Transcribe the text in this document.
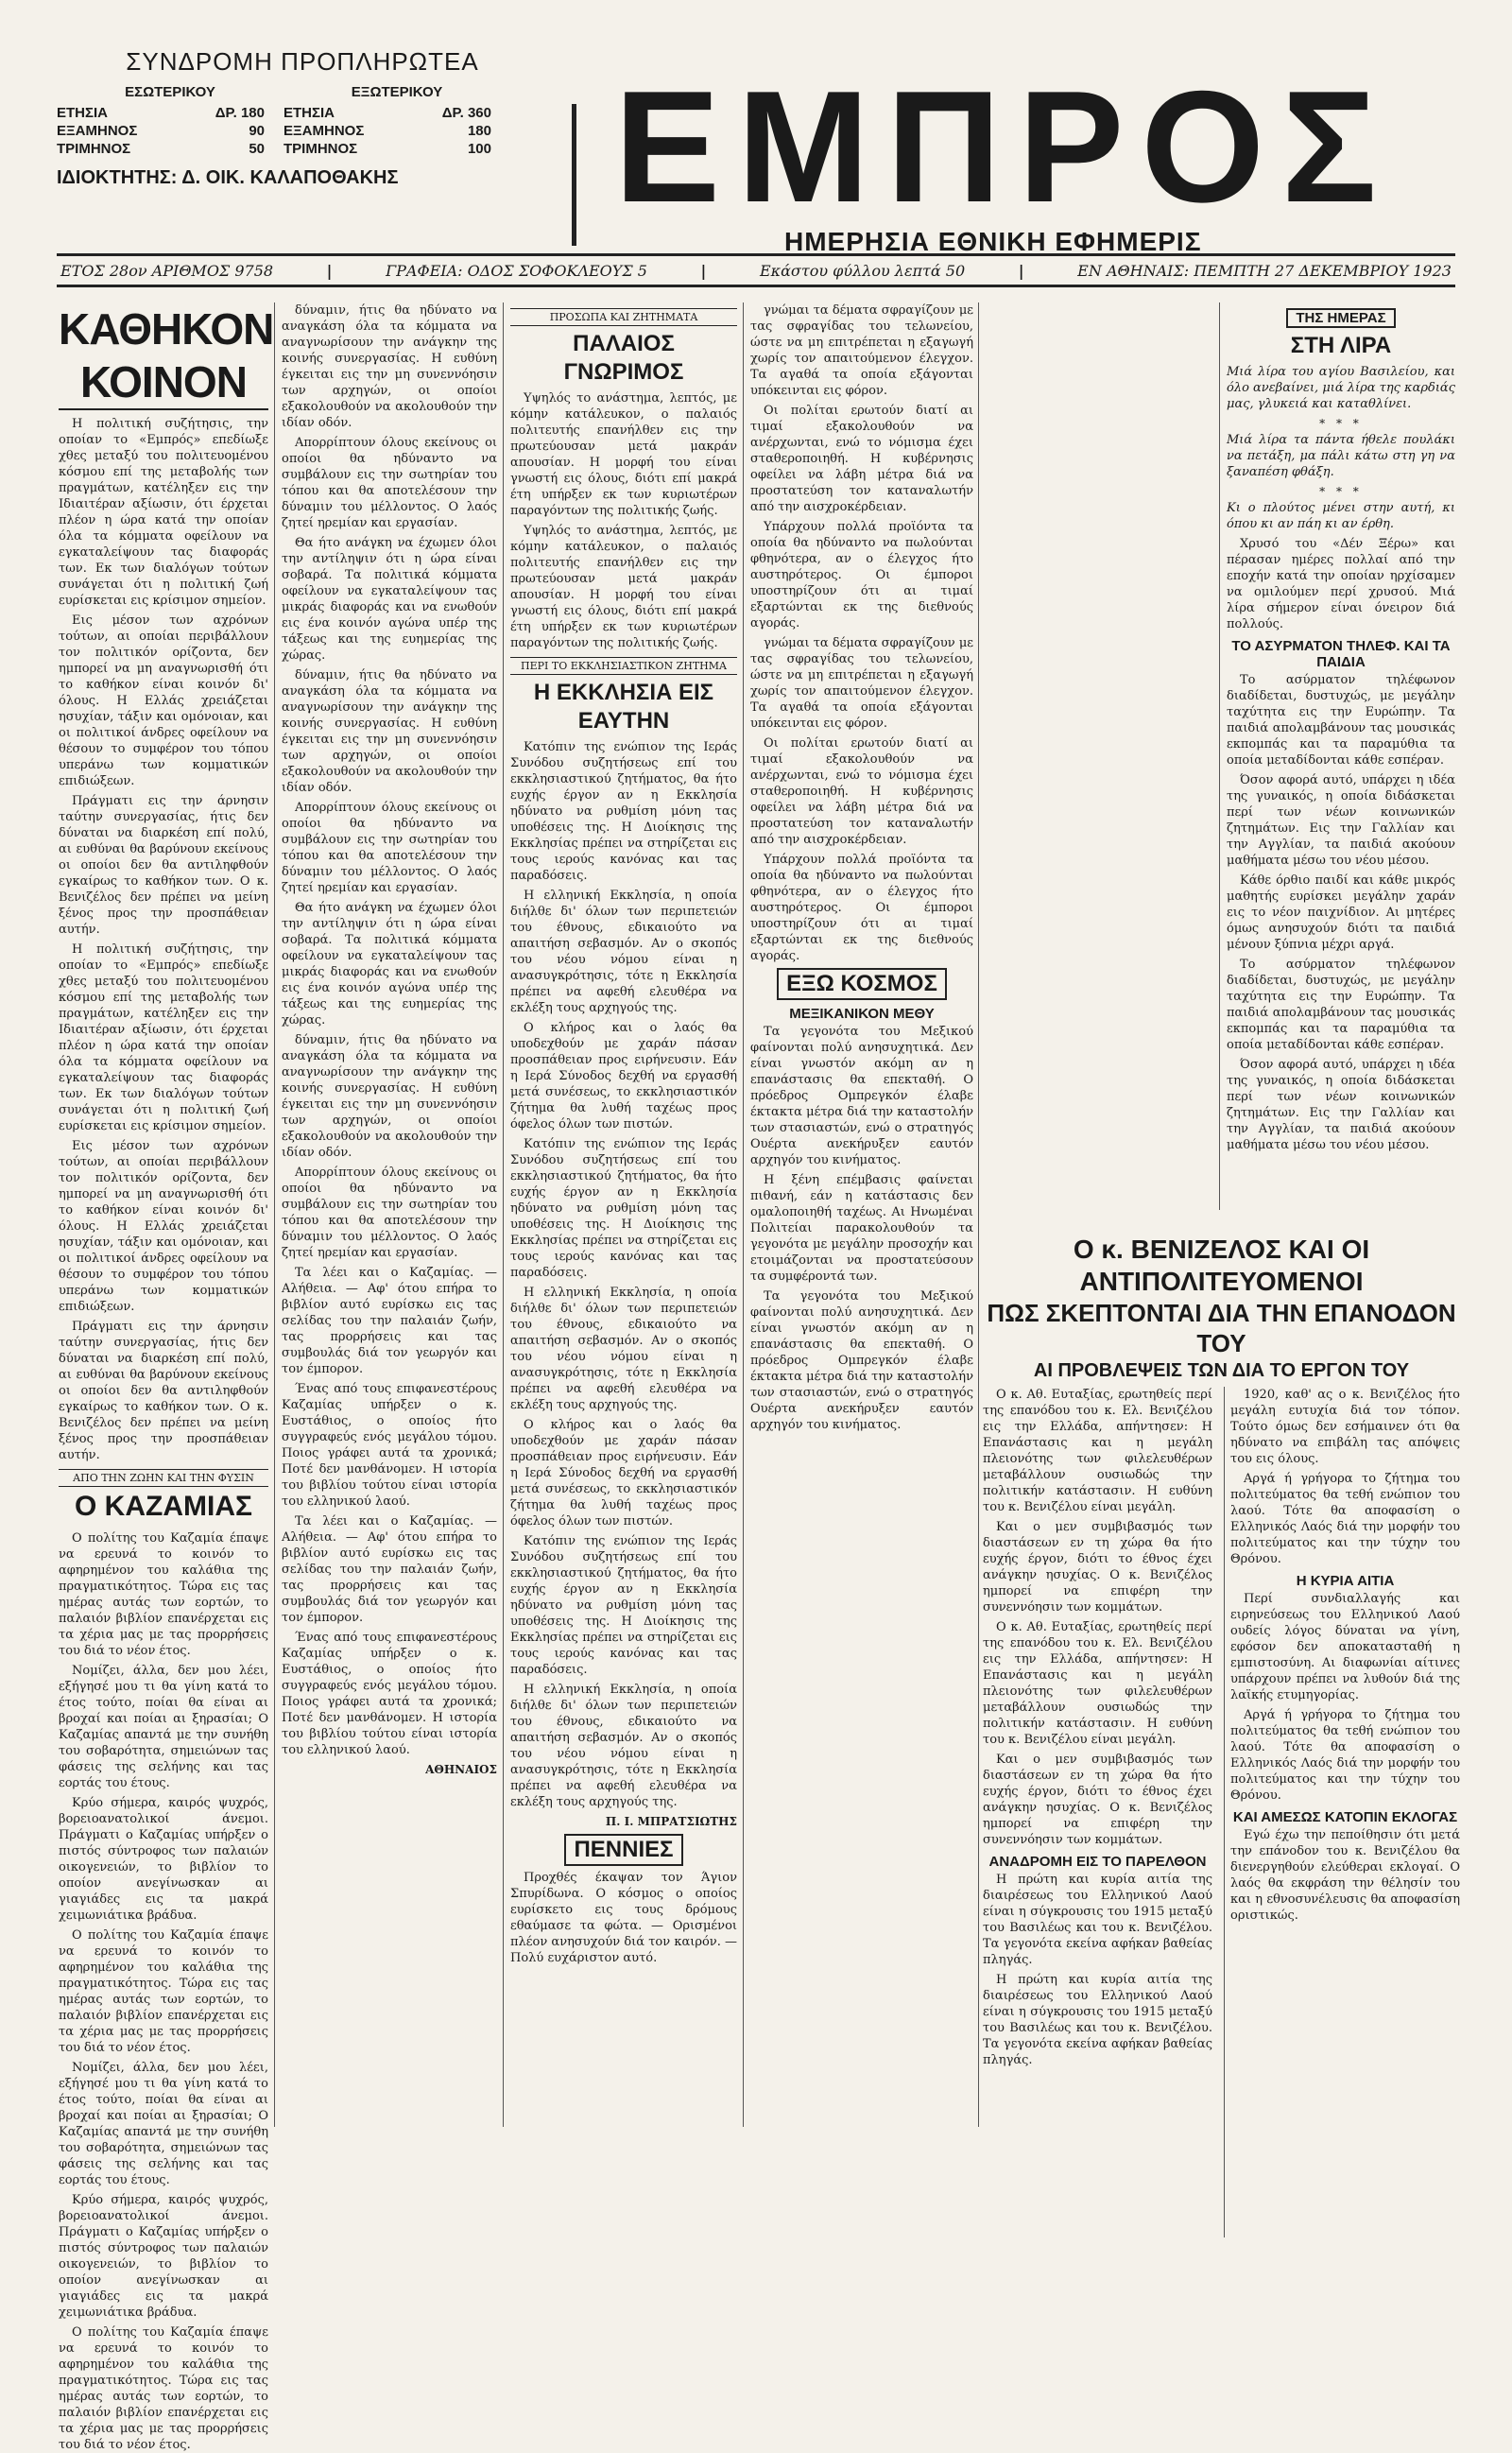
ΣΥΝΔΡΟΜΗ ΠΡΟΠΛΗΡΩΤΕΑ
ΕΣΩΤΕΡΙΚΟΥ
ΕΤΗΣΙΑ	ΔΡ. 180
ΕΞΑΜΗΝΟΣ	90
ΤΡΙΜΗΝΟΣ	50
ΕΞΩΤΕΡΙΚΟΥ
ΕΤΗΣΙΑ	ΔΡ. 360
ΕΞΑΜΗΝΟΣ	180
ΤΡΙΜΗΝΟΣ	100
ΙΔΙΟΚΤΗΤΗΣ: Δ. ΟΙΚ. ΚΑΛΑΠΟΘΑΚΗΣ	ΕΜΠΡΟΣ
ΗΜΕΡΗΣΙΑ ΕΘΝΙΚΗ ΕΦΗΜΕΡΙΣ
ΕΤΟΣ 28ον ΑΡΙΘΜΟΣ 9758	|	ΓΡΑΦΕΙΑ: ΟΔΟΣ ΣΟΦΟΚΛΕΟΥΣ 5	|	Εκάστου φύλλου λεπτά 50	|	ΕΝ ΑΘΗΝΑΙΣ: ΠΕΜΠΤΗ 27 ΔΕΚΕΜΒΡΙΟΥ 1923
ΚΑΘΗΚΟΝ ΚΟΙΝΟΝ

Η πολιτική συζήτησις, την οποίαν το «Εμπρός» επεδίωξε χθες μεταξύ του πολιτευομένου κόσμου επί της μεταβολής των πραγμάτων, κατέληξεν εις την Ιδιαιτέραν αξίωσιν, ότι έρχεται πλέον η ώρα κατά την οποίαν όλα τα κόμματα οφείλουν να εγκαταλείψουν τας διαφοράς των. Εκ των διαλόγων τούτων συνάγεται ότι η πολιτική ζωή ευρίσκεται εις κρίσιμον σημείον.

Εις μέσον των αχρόνων τούτων, αι οποίαι περιβάλλουν τον πολιτικόν ορίζοντα, δεν ημπορεί να μη αναγνωρισθή ότι το καθήκον είναι κοινόν δι' όλους. Η Ελλάς χρειάζεται ησυχίαν, τάξιν και ομόνοιαν, και οι πολιτικοί άνδρες οφείλουν να θέσουν το συμφέρον του τόπου υπεράνω των κομματικών επιδιώξεων.

Πράγματι εις την άρνησιν ταύτην συνεργασίας, ήτις δεν δύναται να διαρκέση επί πολύ, αι ευθύναι θα βαρύνουν εκείνους οι οποίοι δεν θα αντιληφθούν εγκαίρως το καθήκον των. Ο κ. Βενιζέλος δεν πρέπει να μείνη ξένος προς την προσπάθειαν αυτήν.

Η πολιτική συζήτησις, την οποίαν το «Εμπρός» επεδίωξε χθες μεταξύ του πολιτευομένου κόσμου επί της μεταβολής των πραγμάτων, κατέληξεν εις την Ιδιαιτέραν αξίωσιν, ότι έρχεται πλέον η ώρα κατά την οποίαν όλα τα κόμματα οφείλουν να εγκαταλείψουν τας διαφοράς των. Εκ των διαλόγων τούτων συνάγεται ότι η πολιτική ζωή ευρίσκεται εις κρίσιμον σημείον.

Εις μέσον των αχρόνων τούτων, αι οποίαι περιβάλλουν τον πολιτικόν ορίζοντα, δεν ημπορεί να μη αναγνωρισθή ότι το καθήκον είναι κοινόν δι' όλους. Η Ελλάς χρειάζεται ησυχίαν, τάξιν και ομόνοιαν, και οι πολιτικοί άνδρες οφείλουν να θέσουν το συμφέρον του τόπου υπεράνω των κομματικών επιδιώξεων.

Πράγματι εις την άρνησιν ταύτην συνεργασίας, ήτις δεν δύναται να διαρκέση επί πολύ, αι ευθύναι θα βαρύνουν εκείνους οι οποίοι δεν θα αντιληφθούν εγκαίρως το καθήκον των. Ο κ. Βενιζέλος δεν πρέπει να μείνη ξένος προς την προσπάθειαν αυτήν.

ΑΠΟ ΤΗΝ ΖΩΗΝ ΚΑΙ ΤΗΝ ΦΥΣΙΝ
Ο ΚΑΖΑΜΙΑΣ

Ο πολίτης του Καζαμία έπαψε να ερευνά το κοινόν το αφηρημένον του καλάθια της πραγματικότητος. Τώρα εις τας ημέρας αυτάς των εορτών, το παλαιόν βιβλίον επανέρχεται εις τα χέρια μας με τας προρρήσεις του διά το νέον έτος.

Νομίζει, άλλα, δεν μου λέει, εξήγησέ μου τι θα γίνη κατά το έτος τούτο, ποίαι θα είναι αι βροχαί και ποίαι αι ξηρασίαι; Ο Καζαμίας απαντά με την συνήθη του σοβαρότητα, σημειώνων τας φάσεις της σελήνης και τας εορτάς του έτους.

Κρύο σήμερα, καιρός ψυχρός, βορειοανατολικοί άνεμοι. Πράγματι ο Καζαμίας υπήρξεν ο πιστός σύντροφος των παλαιών οικογενειών, το βιβλίον το οποίον ανεγίνωσκαν αι γιαγιάδες εις τα μακρά χειμωνιάτικα βράδυα.

Ο πολίτης του Καζαμία έπαψε να ερευνά το κοινόν το αφηρημένον του καλάθια της πραγματικότητος. Τώρα εις τας ημέρας αυτάς των εορτών, το παλαιόν βιβλίον επανέρχεται εις τα χέρια μας με τας προρρήσεις του διά το νέον έτος.

Νομίζει, άλλα, δεν μου λέει, εξήγησέ μου τι θα γίνη κατά το έτος τούτο, ποίαι θα είναι αι βροχαί και ποίαι αι ξηρασίαι; Ο Καζαμίας απαντά με την συνήθη του σοβαρότητα, σημειώνων τας φάσεις της σελήνης και τας εορτάς του έτους.

Κρύο σήμερα, καιρός ψυχρός, βορειοανατολικοί άνεμοι. Πράγματι ο Καζαμίας υπήρξεν ο πιστός σύντροφος των παλαιών οικογενειών, το βιβλίον το οποίον ανεγίνωσκαν αι γιαγιάδες εις τα μακρά χειμωνιάτικα βράδυα.

Ο πολίτης του Καζαμία έπαψε να ερευνά το κοινόν το αφηρημένον του καλάθια της πραγματικότητος. Τώρα εις τας ημέρας αυτάς των εορτών, το παλαιόν βιβλίον επανέρχεται εις τα χέρια μας με τας προρρήσεις του διά το νέον έτος.

δύναμιν, ήτις θα ηδύνατο να αναγκάση όλα τα κόμματα να αναγνωρίσουν την ανάγκην της κοινής συνεργασίας. Η ευθύνη έγκειται εις την μη συνεννόησιν των αρχηγών, οι οποίοι εξακολουθούν να ακολουθούν την ιδίαν οδόν.

Απορρίπτουν όλους εκείνους οι οποίοι θα ηδύναντο να συμβάλουν εις την σωτηρίαν του τόπου και θα αποτελέσουν την δύναμιν του μέλλοντος. Ο λαός ζητεί ηρεμίαν και εργασίαν.

Θα ήτο ανάγκη να έχωμεν όλοι την αντίληψιν ότι η ώρα είναι σοβαρά. Τα πολιτικά κόμματα οφείλουν να εγκαταλείψουν τας μικράς διαφοράς και να ενωθούν εις ένα κοινόν αγώνα υπέρ της τάξεως και της ευημερίας της χώρας.

δύναμιν, ήτις θα ηδύνατο να αναγκάση όλα τα κόμματα να αναγνωρίσουν την ανάγκην της κοινής συνεργασίας. Η ευθύνη έγκειται εις την μη συνεννόησιν των αρχηγών, οι οποίοι εξακολουθούν να ακολουθούν την ιδίαν οδόν.

Απορρίπτουν όλους εκείνους οι οποίοι θα ηδύναντο να συμβάλουν εις την σωτηρίαν του τόπου και θα αποτελέσουν την δύναμιν του μέλλοντος. Ο λαός ζητεί ηρεμίαν και εργασίαν.

Θα ήτο ανάγκη να έχωμεν όλοι την αντίληψιν ότι η ώρα είναι σοβαρά. Τα πολιτικά κόμματα οφείλουν να εγκαταλείψουν τας μικράς διαφοράς και να ενωθούν εις ένα κοινόν αγώνα υπέρ της τάξεως και της ευημερίας της χώρας.

δύναμιν, ήτις θα ηδύνατο να αναγκάση όλα τα κόμματα να αναγνωρίσουν την ανάγκην της κοινής συνεργασίας. Η ευθύνη έγκειται εις την μη συνεννόησιν των αρχηγών, οι οποίοι εξακολουθούν να ακολουθούν την ιδίαν οδόν.

Απορρίπτουν όλους εκείνους οι οποίοι θα ηδύναντο να συμβάλουν εις την σωτηρίαν του τόπου και θα αποτελέσουν την δύναμιν του μέλλοντος. Ο λαός ζητεί ηρεμίαν και εργασίαν.

Τα λέει και ο Καζαμίας. — Αλήθεια. — Αφ' ότου επήρα το βιβλίον αυτό ευρίσκω εις τας σελίδας του την παλαιάν ζωήν, τας προρρήσεις και τας συμβουλάς διά τον γεωργόν και τον έμπορον.

Ένας από τους επιφανεστέρους Καζαμίας υπήρξεν ο κ. Ευστάθιος, ο οποίος ήτο συγγραφεύς ενός μεγάλου τόμου. Ποιος γράφει αυτά τα χρονικά; Ποτέ δεν μανθάνομεν. Η ιστορία του βιβλίου τούτου είναι ιστορία του ελληνικού λαού.

Τα λέει και ο Καζαμίας. — Αλήθεια. — Αφ' ότου επήρα το βιβλίον αυτό ευρίσκω εις τας σελίδας του την παλαιάν ζωήν, τας προρρήσεις και τας συμβουλάς διά τον γεωργόν και τον έμπορον.

Ένας από τους επιφανεστέρους Καζαμίας υπήρξεν ο κ. Ευστάθιος, ο οποίος ήτο συγγραφεύς ενός μεγάλου τόμου. Ποιος γράφει αυτά τα χρονικά; Ποτέ δεν μανθάνομεν. Η ιστορία του βιβλίου τούτου είναι ιστορία του ελληνικού λαού.

ΑΘΗΝΑΙΟΣ
ΠΡΟΣΩΠΑ ΚΑΙ ΖΗΤΗΜΑΤΑ
ΠΑΛΑΙΟΣ ΓΝΩΡΙΜΟΣ

Υψηλός το ανάστημα, λεπτός, με κόμην κατάλευκον, ο παλαιός πολιτευτής επανήλθεν εις την πρωτεύουσαν μετά μακράν απουσίαν. Η μορφή του είναι γνωστή εις όλους, διότι επί μακρά έτη υπήρξεν εκ των κυριωτέρων παραγόντων της πολιτικής ζωής.

Υψηλός το ανάστημα, λεπτός, με κόμην κατάλευκον, ο παλαιός πολιτευτής επανήλθεν εις την πρωτεύουσαν μετά μακράν απουσίαν. Η μορφή του είναι γνωστή εις όλους, διότι επί μακρά έτη υπήρξεν εκ των κυριωτέρων παραγόντων της πολιτικής ζωής.

ΠΕΡΙ ΤΟ ΕΚΚΛΗΣΙΑΣΤΙΚΟΝ ΖΗΤΗΜΑ
Η ΕΚΚΛΗΣΙΑ ΕΙΣ ΕΑΥΤΗΝ

Κατόπιν της ενώπιον της Ιεράς Συνόδου συζητήσεως επί του εκκλησιαστικού ζητήματος, θα ήτο ευχής έργον αν η Εκκλησία ηδύνατο να ρυθμίση μόνη τας υποθέσεις της. Η Διοίκησις της Εκκλησίας πρέπει να στηρίζεται εις τους ιερούς κανόνας και τας παραδόσεις.

Η ελληνική Εκκλησία, η οποία διήλθε δι' όλων των περιπετειών του έθνους, εδικαιούτο να απαιτήση σεβασμόν. Αν ο σκοπός του νέου νόμου είναι η ανασυγκρότησις, τότε η Εκκλησία πρέπει να αφεθή ελευθέρα να εκλέξη τους αρχηγούς της.

Ο κλήρος και ο λαός θα υποδεχθούν με χαράν πάσαν προσπάθειαν προς ειρήνευσιν. Εάν η Ιερά Σύνοδος δεχθή να εργασθή μετά συνέσεως, το εκκλησιαστικόν ζήτημα θα λυθή ταχέως προς όφελος όλων των πιστών.

Κατόπιν της ενώπιον της Ιεράς Συνόδου συζητήσεως επί του εκκλησιαστικού ζητήματος, θα ήτο ευχής έργον αν η Εκκλησία ηδύνατο να ρυθμίση μόνη τας υποθέσεις της. Η Διοίκησις της Εκκλησίας πρέπει να στηρίζεται εις τους ιερούς κανόνας και τας παραδόσεις.

Η ελληνική Εκκλησία, η οποία διήλθε δι' όλων των περιπετειών του έθνους, εδικαιούτο να απαιτήση σεβασμόν. Αν ο σκοπός του νέου νόμου είναι η ανασυγκρότησις, τότε η Εκκλησία πρέπει να αφεθή ελευθέρα να εκλέξη τους αρχηγούς της.

Ο κλήρος και ο λαός θα υποδεχθούν με χαράν πάσαν προσπάθειαν προς ειρήνευσιν. Εάν η Ιερά Σύνοδος δεχθή να εργασθή μετά συνέσεως, το εκκλησιαστικόν ζήτημα θα λυθή ταχέως προς όφελος όλων των πιστών.

Κατόπιν της ενώπιον της Ιεράς Συνόδου συζητήσεως επί του εκκλησιαστικού ζητήματος, θα ήτο ευχής έργον αν η Εκκλησία ηδύνατο να ρυθμίση μόνη τας υποθέσεις της. Η Διοίκησις της Εκκλησίας πρέπει να στηρίζεται εις τους ιερούς κανόνας και τας παραδόσεις.

Η ελληνική Εκκλησία, η οποία διήλθε δι' όλων των περιπετειών του έθνους, εδικαιούτο να απαιτήση σεβασμόν. Αν ο σκοπός του νέου νόμου είναι η ανασυγκρότησις, τότε η Εκκλησία πρέπει να αφεθή ελευθέρα να εκλέξη τους αρχηγούς της.

Π. Ι. ΜΠΡΑΤΣΙΩΤΗΣ
ΠΕΝΝΙΕΣ

Προχθές έκαψαν τον Άγιον Σπυρίδωνα. Ο κόσμος ο οποίος ευρίσκετο εις τους δρόμους εθαύμασε τα φώτα. — Ορισμένοι πλέον ανησυχούν διά τον καιρόν. — Πολύ ευχάριστον αυτό.

γνώμαι τα δέματα σφραγίζουν με τας σφραγίδας του τελωνείου, ώστε να μη επιτρέπεται η εξαγωγή χωρίς τον απαιτούμενον έλεγχον. Τα αγαθά τα οποία εξάγονται υπόκεινται εις φόρον.

Οι πολίται ερωτούν διατί αι τιμαί εξακολουθούν να ανέρχωνται, ενώ το νόμισμα έχει σταθεροποιηθή. Η κυβέρνησις οφείλει να λάβη μέτρα διά να προστατεύση τον καταναλωτήν από την αισχροκέρδειαν.

Υπάρχουν πολλά προϊόντα τα οποία θα ηδύναντο να πωλούνται φθηνότερα, αν ο έλεγχος ήτο αυστηρότερος. Οι έμποροι υποστηρίζουν ότι αι τιμαί εξαρτώνται εκ της διεθνούς αγοράς.

γνώμαι τα δέματα σφραγίζουν με τας σφραγίδας του τελωνείου, ώστε να μη επιτρέπεται η εξαγωγή χωρίς τον απαιτούμενον έλεγχον. Τα αγαθά τα οποία εξάγονται υπόκεινται εις φόρον.

Οι πολίται ερωτούν διατί αι τιμαί εξακολουθούν να ανέρχωνται, ενώ το νόμισμα έχει σταθεροποιηθή. Η κυβέρνησις οφείλει να λάβη μέτρα διά να προστατεύση τον καταναλωτήν από την αισχροκέρδειαν.

Υπάρχουν πολλά προϊόντα τα οποία θα ηδύναντο να πωλούνται φθηνότερα, αν ο έλεγχος ήτο αυστηρότερος. Οι έμποροι υποστηρίζουν ότι αι τιμαί εξαρτώνται εκ της διεθνούς αγοράς.

ΕΞΩ ΚΟΣΜΟΣ
ΜΕΞΙΚΑΝΙΚΟΝ ΜΕΘΥ

Τα γεγονότα του Μεξικού φαίνονται πολύ ανησυχητικά. Δεν είναι γνωστόν ακόμη αν η επανάστασις θα επεκταθή. Ο πρόεδρος Ομπρεγκόν έλαβε έκτακτα μέτρα διά την καταστολήν των στασιαστών, ενώ ο στρατηγός Ουέρτα ανεκήρυξεν εαυτόν αρχηγόν του κινήματος.

Η ξένη επέμβασις φαίνεται πιθανή, εάν η κατάστασις δεν ομαλοποιηθή ταχέως. Αι Ηνωμέναι Πολιτείαι παρακολουθούν τα γεγονότα με μεγάλην προσοχήν και ετοιμάζονται να προστατεύσουν τα συμφέροντά των.

Τα γεγονότα του Μεξικού φαίνονται πολύ ανησυχητικά. Δεν είναι γνωστόν ακόμη αν η επανάστασις θα επεκταθή. Ο πρόεδρος Ομπρεγκόν έλαβε έκτακτα μέτρα διά την καταστολήν των στασιαστών, ενώ ο στρατηγός Ουέρτα ανεκήρυξεν εαυτόν αρχηγόν του κινήματος.

ΤΗΣ ΗΜΕΡΑΣ
ΣΤΗ ΛΙΡΑ

Μιά λίρα του αγίου Βασιλείου, και όλο ανεβαίνει, μιά λίρα της καρδιάς μας, γλυκειά και καταθλίνει.

* * *

Μιά λίρα τα πάντα ήθελε πουλάκι να πετάξη, μα πάλι κάτω στη γη να ξαναπέση φθάξη.

* * *

Κι ο πλούτος μένει στην αυτή, κι όπου κι αν πάη κι αν έρθη.

Χρυσό του «Δέν Ξέρω» και πέρασαν ημέρες πολλαί από την εποχήν κατά την οποίαν ηρχίσαμεν να ομιλούμεν περί χρυσού. Μιά λίρα σήμερον είναι όνειρον διά πολλούς.

ΤΟ ΑΣΥΡΜΑΤΟΝ ΤΗΛΕΦ. ΚΑΙ ΤΑ ΠΑΙΔΙΑ

Το ασύρματον τηλέφωνον διαδίδεται, δυστυχώς, με μεγάλην ταχύτητα εις την Ευρώπην. Τα παιδιά απολαμβάνουν τας μουσικάς εκπομπάς και τα παραμύθια τα οποία μεταδίδονται κάθε εσπέραν.

Όσον αφορά αυτό, υπάρχει η ιδέα της γυναικός, η οποία διδάσκεται περί των νέων κοινωνικών ζητημάτων. Εις την Γαλλίαν και την Αγγλίαν, τα παιδιά ακούουν μαθήματα μέσω του νέου μέσου.

Κάθε όρθιο παιδί και κάθε μικρός μαθητής ευρίσκει μεγάλην χαράν εις το νέον παιχνίδιον. Αι μητέρες όμως ανησυχούν διότι τα παιδιά μένουν ξύπνια μέχρι αργά.

Το ασύρματον τηλέφωνον διαδίδεται, δυστυχώς, με μεγάλην ταχύτητα εις την Ευρώπην. Τα παιδιά απολαμβάνουν τας μουσικάς εκπομπάς και τα παραμύθια τα οποία μεταδίδονται κάθε εσπέραν.

Όσον αφορά αυτό, υπάρχει η ιδέα της γυναικός, η οποία διδάσκεται περί των νέων κοινωνικών ζητημάτων. Εις την Γαλλίαν και την Αγγλίαν, τα παιδιά ακούουν μαθήματα μέσω του νέου μέσου.

Ο κ. ΒΕΝΙΖΕΛΟΣ ΚΑΙ ΟΙ ΑΝΤΙΠΟΛΙΤΕΥΟΜΕΝΟΙ
ΠΩΣ ΣΚΕΠΤΟΝΤΑΙ ΔΙΑ ΤΗΝ ΕΠΑΝΟΔΟΝ ΤΟΥ
ΑΙ ΠΡΟΒΛΕΨΕΙΣ ΤΩΝ ΔΙΑ ΤΟ ΕΡΓΟΝ ΤΟΥ

Ο κ. Αθ. Ευταξίας, ερωτηθείς περί της επανόδου του κ. Ελ. Βενιζέλου εις την Ελλάδα, απήντησεν: Η Επανάστασις και η μεγάλη πλειονότης των φιλελευθέρων μεταβάλλουν ουσιωδώς την πολιτικήν κατάστασιν. Η ευθύνη του κ. Βενιζέλου είναι μεγάλη.

Και ο μεν συμβιβασμός των διαστάσεων εν τη χώρα θα ήτο ευχής έργον, διότι το έθνος έχει ανάγκην ησυχίας. Ο κ. Βενιζέλος ημπορεί να επιφέρη την συνεννόησιν των κομμάτων.

Ο κ. Αθ. Ευταξίας, ερωτηθείς περί της επανόδου του κ. Ελ. Βενιζέλου εις την Ελλάδα, απήντησεν: Η Επανάστασις και η μεγάλη πλειονότης των φιλελευθέρων μεταβάλλουν ουσιωδώς την πολιτικήν κατάστασιν. Η ευθύνη του κ. Βενιζέλου είναι μεγάλη.

Και ο μεν συμβιβασμός των διαστάσεων εν τη χώρα θα ήτο ευχής έργον, διότι το έθνος έχει ανάγκην ησυχίας. Ο κ. Βενιζέλος ημπορεί να επιφέρη την συνεννόησιν των κομμάτων.

ΑΝΑΔΡΟΜΗ ΕΙΣ ΤΟ ΠΑΡΕΛΘΟΝ

Η πρώτη και κυρία αιτία της διαιρέσεως του Ελληνικού Λαού είναι η σύγκρουσις του 1915 μεταξύ του Βασιλέως και του κ. Βενιζέλου. Τα γεγονότα εκείνα αφήκαν βαθείας πληγάς.

Η πρώτη και κυρία αιτία της διαιρέσεως του Ελληνικού Λαού είναι η σύγκρουσις του 1915 μεταξύ του Βασιλέως και του κ. Βενιζέλου. Τα γεγονότα εκείνα αφήκαν βαθείας πληγάς.

1920, καθ' ας ο κ. Βενιζέλος ήτο μεγάλη ευτυχία διά τον τόπον. Τούτο όμως δεν εσήμαινεν ότι θα ηδύνατο να επιβάλη τας απόψεις του εις όλους.

Αργά ή γρήγορα το ζήτημα του πολιτεύματος θα τεθή ενώπιον του λαού. Τότε θα αποφασίση ο Ελληνικός Λαός διά την μορφήν του πολιτεύματος και την τύχην του Θρόνου.

Η ΚΥΡΙΑ ΑΙΤΙΑ

Περί συνδιαλλαγής και ειρηνεύσεως του Ελληνικού Λαού ουδείς λόγος δύναται να γίνη, εφόσον δεν αποκατασταθή η εμπιστοσύνη. Αι διαφωνίαι αίτινες υπάρχουν πρέπει να λυθούν διά της λαϊκής ετυμηγορίας.

Αργά ή γρήγορα το ζήτημα του πολιτεύματος θα τεθή ενώπιον του λαού. Τότε θα αποφασίση ο Ελληνικός Λαός διά την μορφήν του πολιτεύματος και την τύχην του Θρόνου.

ΚΑΙ ΑΜΕΣΩΣ ΚΑΤΟΠΙΝ ΕΚΛΟΓΑΣ

Εγώ έχω την πεποίθησιν ότι μετά την επάνοδον του κ. Βενιζέλου θα διενεργηθούν ελεύθεραι εκλογαί. Ο λαός θα εκφράση την θέλησίν του και η εθνοσυνέλευσις θα αποφασίση οριστικώς.
